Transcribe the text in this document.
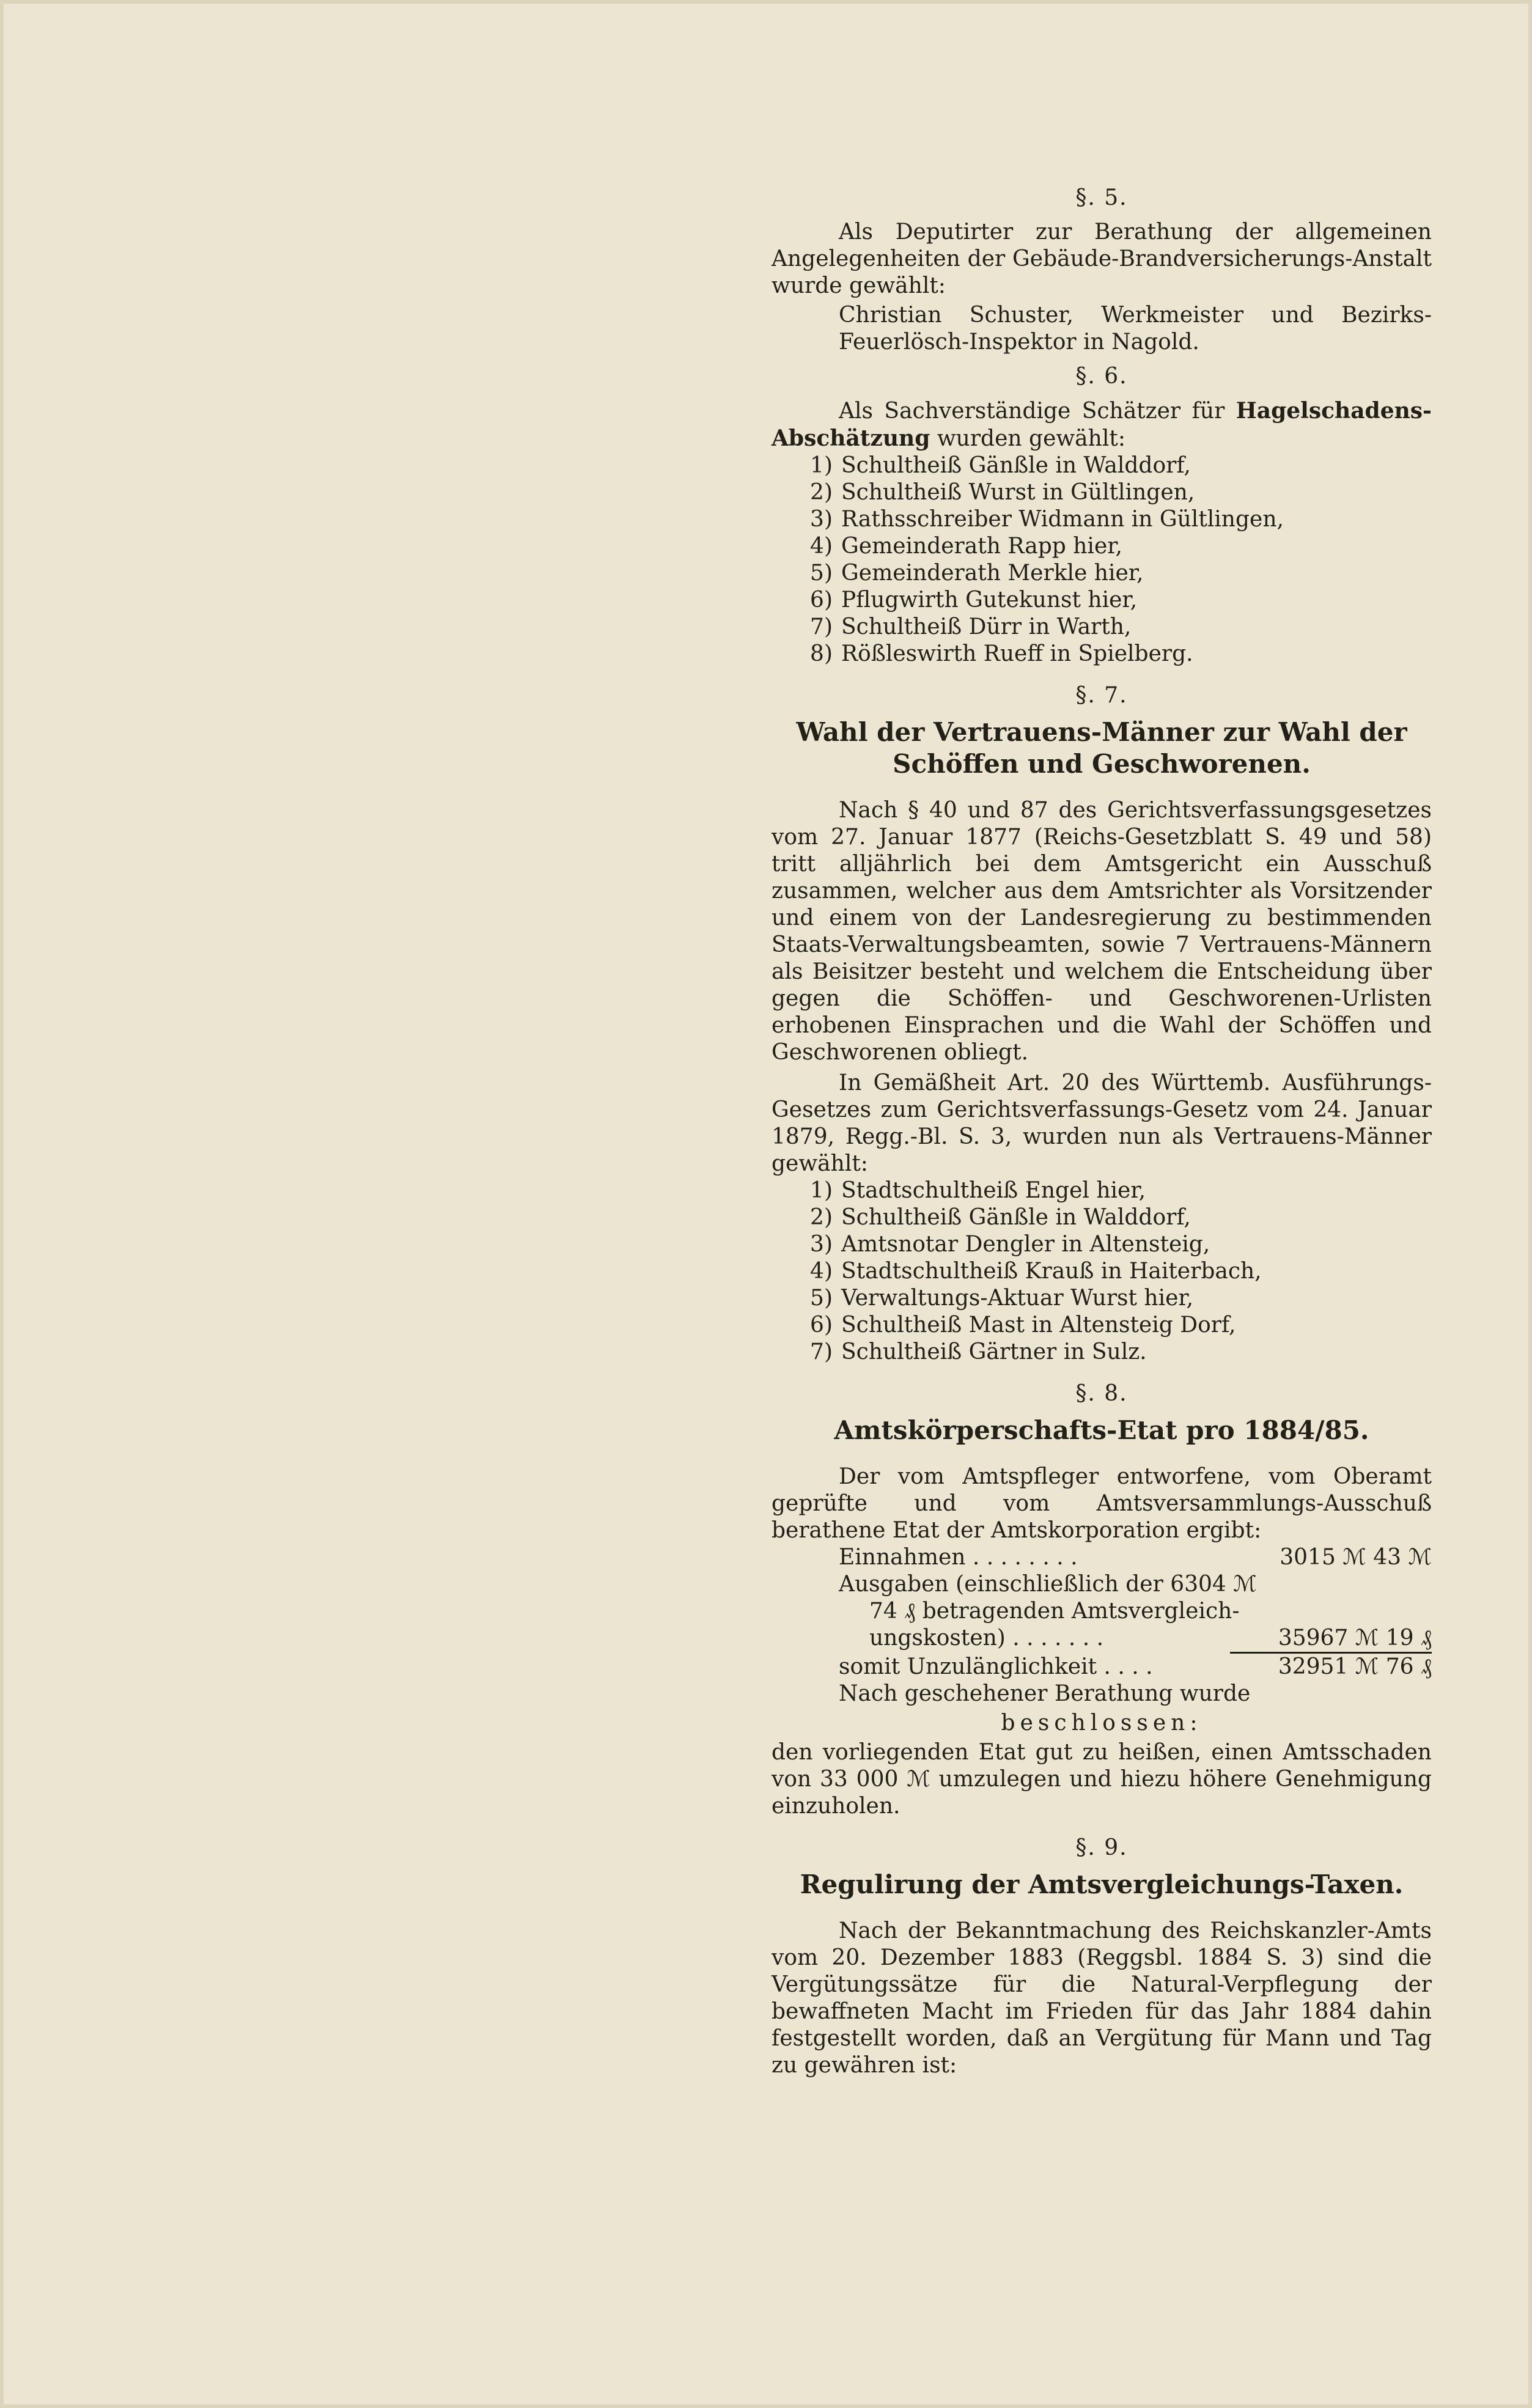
§. 5.

Als Deputirter zur Berathung der allgemeinen Angelegenheiten der Gebäude-Brandversicherungs-Anstalt wurde gewählt:

Christian Schuster, Werkmeister und Bezirks-Feuerlösch-Inspektor in Nagold.

§. 6.

Als Sachverständige Schätzer für Hagelschadens-Abschätzung wurden gewählt:

1) Schultheiß Gänßle in Walddorf,
2) Schultheiß Wurst in Gültlingen,
3) Rathsschreiber Widmann in Gültlingen,
4) Gemeinderath Rapp hier,
5) Gemeinderath Merkle hier,
6) Pflugwirth Gutekunst hier,
7) Schultheiß Dürr in Warth,
8) Rößleswirth Rueff in Spielberg.
§. 7.
Wahl der Vertrauens-Männer zur Wahl der Schöffen und Geschworenen.

Nach § 40 und 87 des Gerichtsverfassungsgesetzes vom 27. Januar 1877 (Reichs-Gesetzblatt S. 49 und 58) tritt alljährlich bei dem Amtsgericht ein Ausschuß zusammen, welcher aus dem Amtsrichter als Vorsitzender und einem von der Landesregierung zu bestimmenden Staats-Verwaltungsbeamten, sowie 7 Vertrauens-Männern als Beisitzer besteht und welchem die Entscheidung über gegen die Schöffen- und Geschworenen-Urlisten erhobenen Einsprachen und die Wahl der Schöffen und Geschworenen obliegt.

In Gemäßheit Art. 20 des Württemb. Ausführungs-Gesetzes zum Gerichtsverfassungs-Gesetz vom 24. Januar 1879, Regg.-Bl. S. 3, wurden nun als Vertrauens-Männer gewählt:

1) Stadtschultheiß Engel hier,
2) Schultheiß Gänßle in Walddorf,
3) Amtsnotar Dengler in Altensteig,
4) Stadtschultheiß Krauß in Haiterbach,
5) Verwaltungs-Aktuar Wurst hier,
6) Schultheiß Mast in Altensteig Dorf,
7) Schultheiß Gärtner in Sulz.
§. 8.
Amtskörperschafts-Etat pro 1884/85.

Der vom Amtspfleger entworfene, vom Oberamt geprüfte und vom Amtsversammlungs-Ausschuß berathene Etat der Amtskorporation ergibt:

Einnahmen . . . . . . . .	3015 ℳ 43 ℳ
Ausgaben (einschließlich der 6304 ℳ
74 ₰ betragenden Amtsvergleich-
ungskosten) . . . . . . .	35967 ℳ 19 ₰
somit Unzulänglichkeit . . . .	32951 ℳ 76 ₰
Nach geschehener Berathung wurde
beschlossen:

den vorliegenden Etat gut zu heißen, einen Amtsschaden von 33 000 ℳ umzulegen und hiezu höhere Genehmigung einzuholen.

§. 9.
Regulirung der Amtsvergleichungs-Taxen.

Nach der Bekanntmachung des Reichskanzler-Amts vom 20. Dezember 1883 (Reggsbl. 1884 S. 3) sind die Vergütungssätze für die Natural-Verpflegung der bewaffneten Macht im Frieden für das Jahr 1884 dahin festgestellt worden, daß an Vergütung für Mann und Tag zu gewähren ist:
